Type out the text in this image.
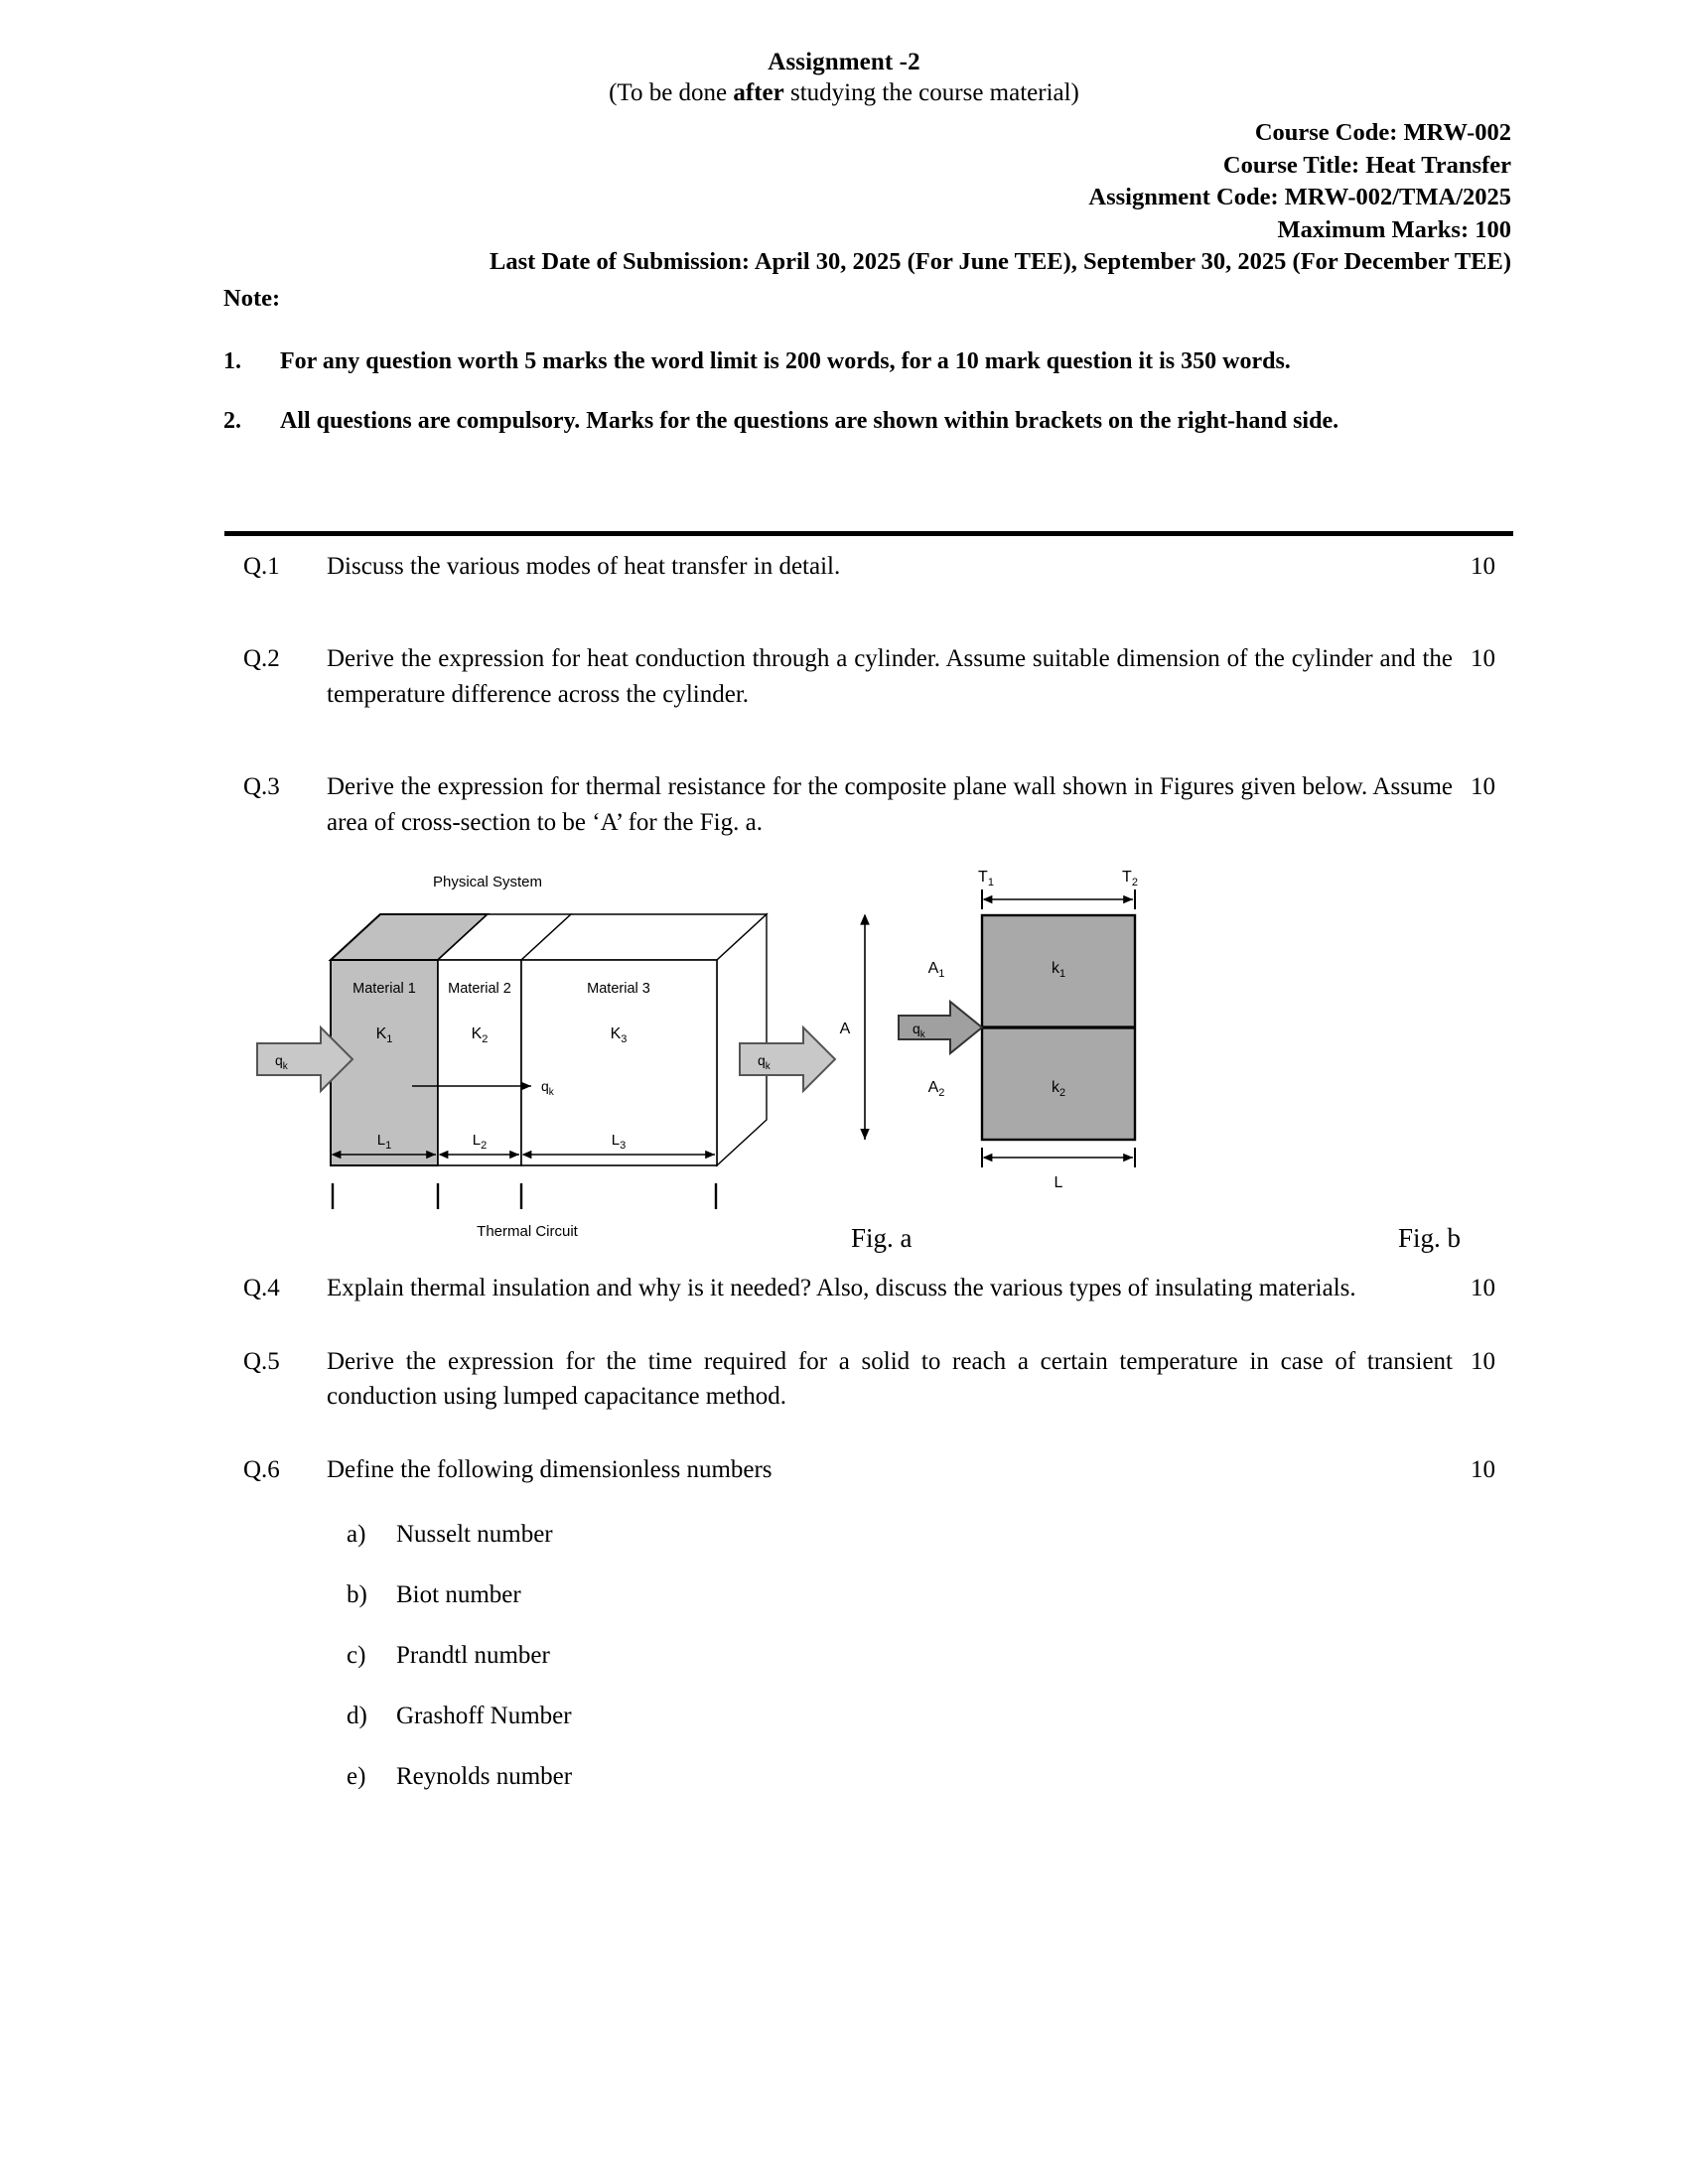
Assignment -2
(To be done after studying the course material)
Course Code: MRW-002
Course Title: Heat Transfer
Assignment Code: MRW-002/TMA/2025
Maximum Marks: 100
Last Date of Submission: April 30, 2025 (For June TEE), September 30, 2025 (For December TEE)
Note:
1.	For any question worth 5 marks the word limit is 200 words, for a 10 mark question it is 350 words.
2.	All questions are compulsory. Marks for the questions are shown within brackets on the right-hand side.
Q.1	Discuss the various modes of heat transfer in detail.	10
Q.2	Derive the expression for heat conduction through a cylinder. Assume suitable dimension of the cylinder and the temperature difference across the cylinder.
10
Q.3	Derive the expression for thermal resistance for the composite plane wall shown in Figures given below. Assume area of cross-section to be ‘A’ for the Fig. a.
10
Physical System
Material 1 Material 2	Material 3
$K_1$	$K_2$	$K_3$
$q_k$	$q_k$
$q_k$
$L_1$	$L_2$	$L_3$
Thermal Circuit
$T_1$	$T_2$
$k_1$
$k_2$
$A_1$
$A_2$
A	$q_k$
L
Fig. a	Fig. b
Q.4	Explain thermal insulation and why is it needed? Also, discuss the various types of insulating materials.	10
Q.5	Derive the expression for the time required for a solid to reach a certain temperature in case of transient conduction using lumped capacitance method.
10
Q.6	Define the following dimensionless numbers	10
a)	Nusselt number
b)	Biot number
c)	Prandtl number
d)	Grashoff Number
e)	Reynolds number
